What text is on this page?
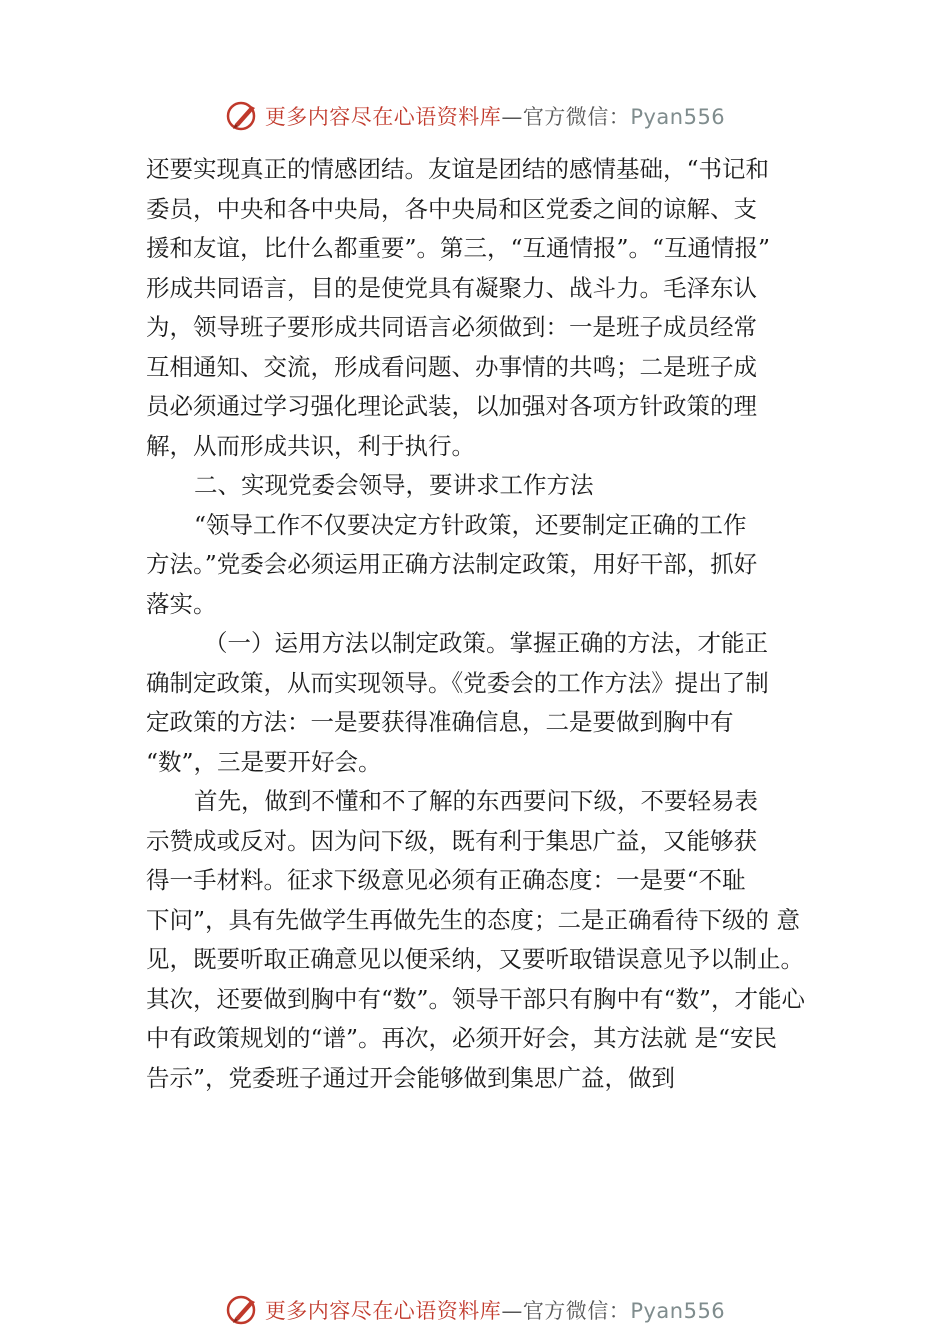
更多内容尽在心语资料库—官方微信：Pyan556
还要实现真正的情感团结。友谊是团结的感情基础，“书记和
委员，中央和各中央局，各中央局和区党委之间的谅解、支
援和友谊，比什么都重要”。第三，“互通情报”。“互通情报”
形成共同语言，目的是使党具有凝聚力、战斗力。毛泽东认
为，领导班子要形成共同语言必须做到：一是班子成员经常
互相通知、交流，形成看问题、办事情的共鸣；二是班子成
员必须通过学习强化理论武装，以加强对各项方针政策的理
解，从而形成共识，利于执行。
二、实现党委会领导，要讲求工作方法
“领导工作不仅要决定方针政策，还要制定正确的工作
方法。”党委会必须运用正确方法制定政策，用好干部，抓好
落实。
（一）运用方法以制定政策。掌握正确的方法，才能正
确制定政策，从而实现领导。《党委会的工作方法》提出了制
定政策的方法：一是要获得准确信息，二是要做到胸中有
“数”，三是要开好会。
首先，做到不懂和不了解的东西要问下级，不要轻易表
示赞成或反对。因为问下级，既有利于集思广益，又能够获
得一手材料。征求下级意见必须有正确态度：一是要“不耻
下问”，具有先做学生再做先生的态度；二是正确看待下级的 意
见，既要听取正确意见以便采纳，又要听取错误意见予以制止。
其次，还要做到胸中有“数”。领导干部只有胸中有“数”，才能心
中有政策规划的“谱”。再次，必须开好会，其方法就 是“安民
告示”，党委班子通过开会能够做到集思广益，做到
更多内容尽在心语资料库—官方微信：Pyan556
